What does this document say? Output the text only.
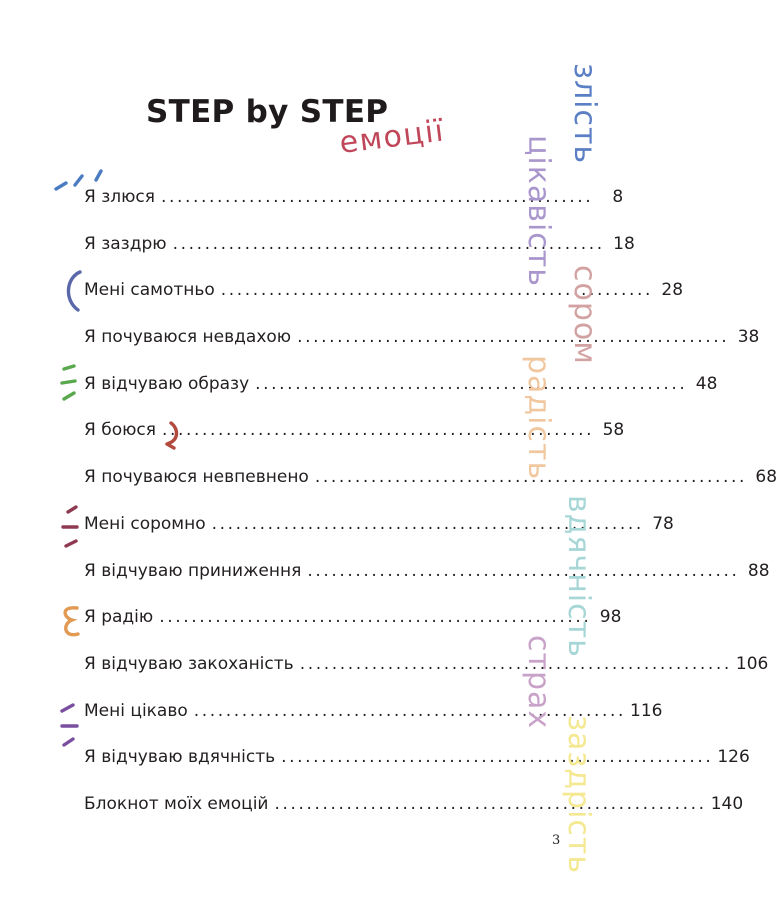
STEP by STEP
емоції
Я злюся ......................................................	8
Я заздрю ...................................................... 18
Мені самотньо ...................................................... 28
Я почуваюся невдахою ...................................................... 38
Я відчуваю образу ...................................................... 48
Я боюся ...................................................... 58
Я почуваюся невпевнено ...................................................... 68
Мені соромно ...................................................... 78
Я відчуваю приниження ...................................................... 88
Я радію ...................................................... 98
Я відчуваю закоханість ...................................................... 106
Мені цікаво ...................................................... 116
Я відчуваю вдячність ...................................................... 126
Блокнот моїх емоцій ...................................................... 140
злість
цікавість
сором
радість
вдячність
страх
заздрість
3
